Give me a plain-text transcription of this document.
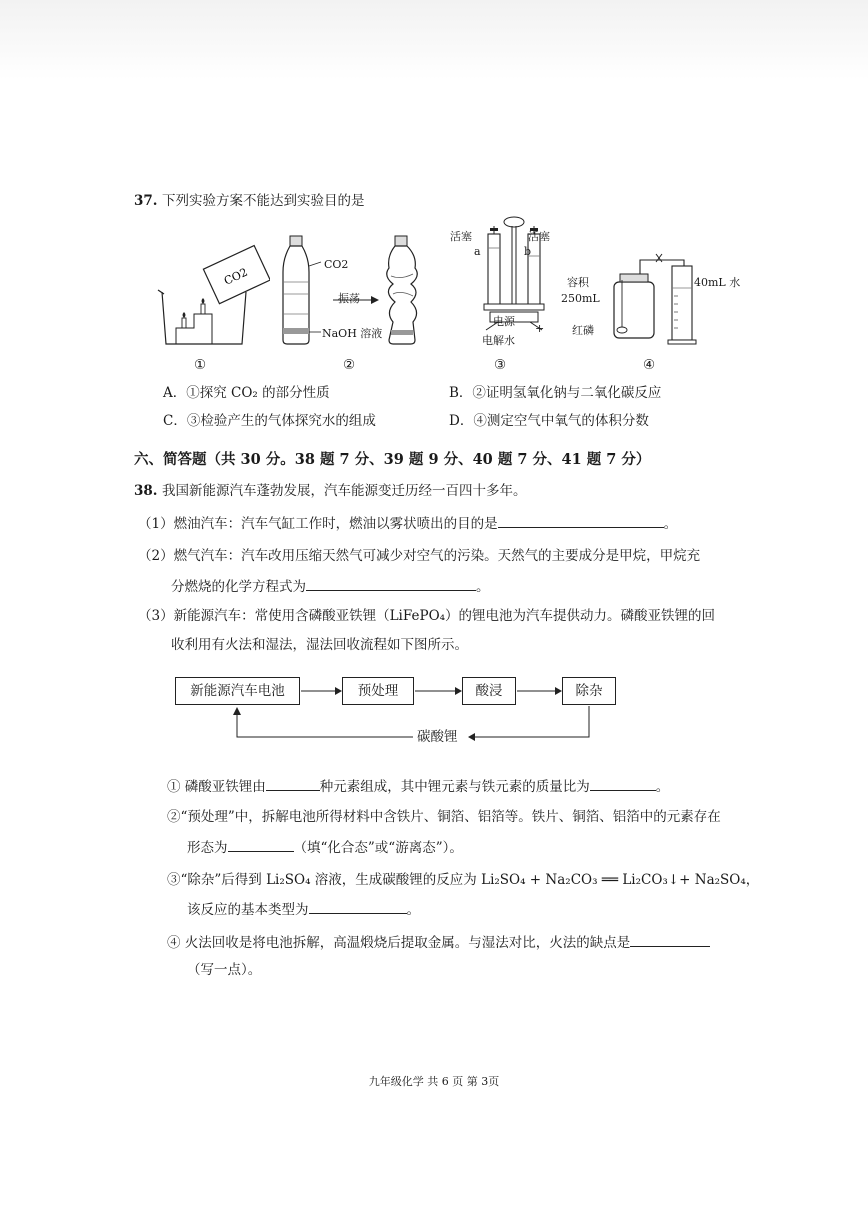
37. 下列实验方案不能达到实验目的是
CO2
CO2
振荡
NaOH 溶液
活塞	活塞
a	b
电源
+
电解水
容积
250mL
红磷
40mL 水
①	②	③	④
A．①探究 CO₂ 的部分性质	B．②证明氢氧化钠与二氧化碳反应
C．③检验产生的气体探究水的组成	D．④测定空气中氧气的体积分数
六、简答题（共 30 分。38 题 7 分、39 题 9 分、40 题 7 分、41 题 7 分）
38. 我国新能源汽车蓬勃发展，汽车能源变迁历经一百四十多年。
（1）燃油汽车：汽车气缸工作时，燃油以雾状喷出的目的是	。
（2）燃气汽车：汽车改用压缩天然气可减少对空气的污染。天然气的主要成分是甲烷，甲烷充
分燃烧的化学方程式为	。
（3）新能源汽车：常使用含磷酸亚铁锂（LiFePO₄）的锂电池为汽车提供动力。磷酸亚铁锂的回
收利用有火法和湿法，湿法回收流程如下图所示。
新能源汽车电池	预处理	酸浸	除杂
碳酸锂
① 磷酸亚铁锂由	种元素组成，其中锂元素与铁元素的质量比为	。
②“预处理”中，拆解电池所得材料中含铁片、铜箔、铝箔等。铁片、铜箔、铝箔中的元素存在
形态为	（填“化合态”或“游离态”）。
③“除杂”后得到 Li₂SO₄ 溶液，生成碳酸锂的反应为 Li₂SO₄ + Na₂CO₃ ══ Li₂CO₃↓+ Na₂SO₄，
该反应的基本类型为	。
④ 火法回收是将电池拆解，高温煅烧后提取金属。与湿法对比，火法的缺点是
（写一点）。
九年级化学 共 6 页 第 3页
